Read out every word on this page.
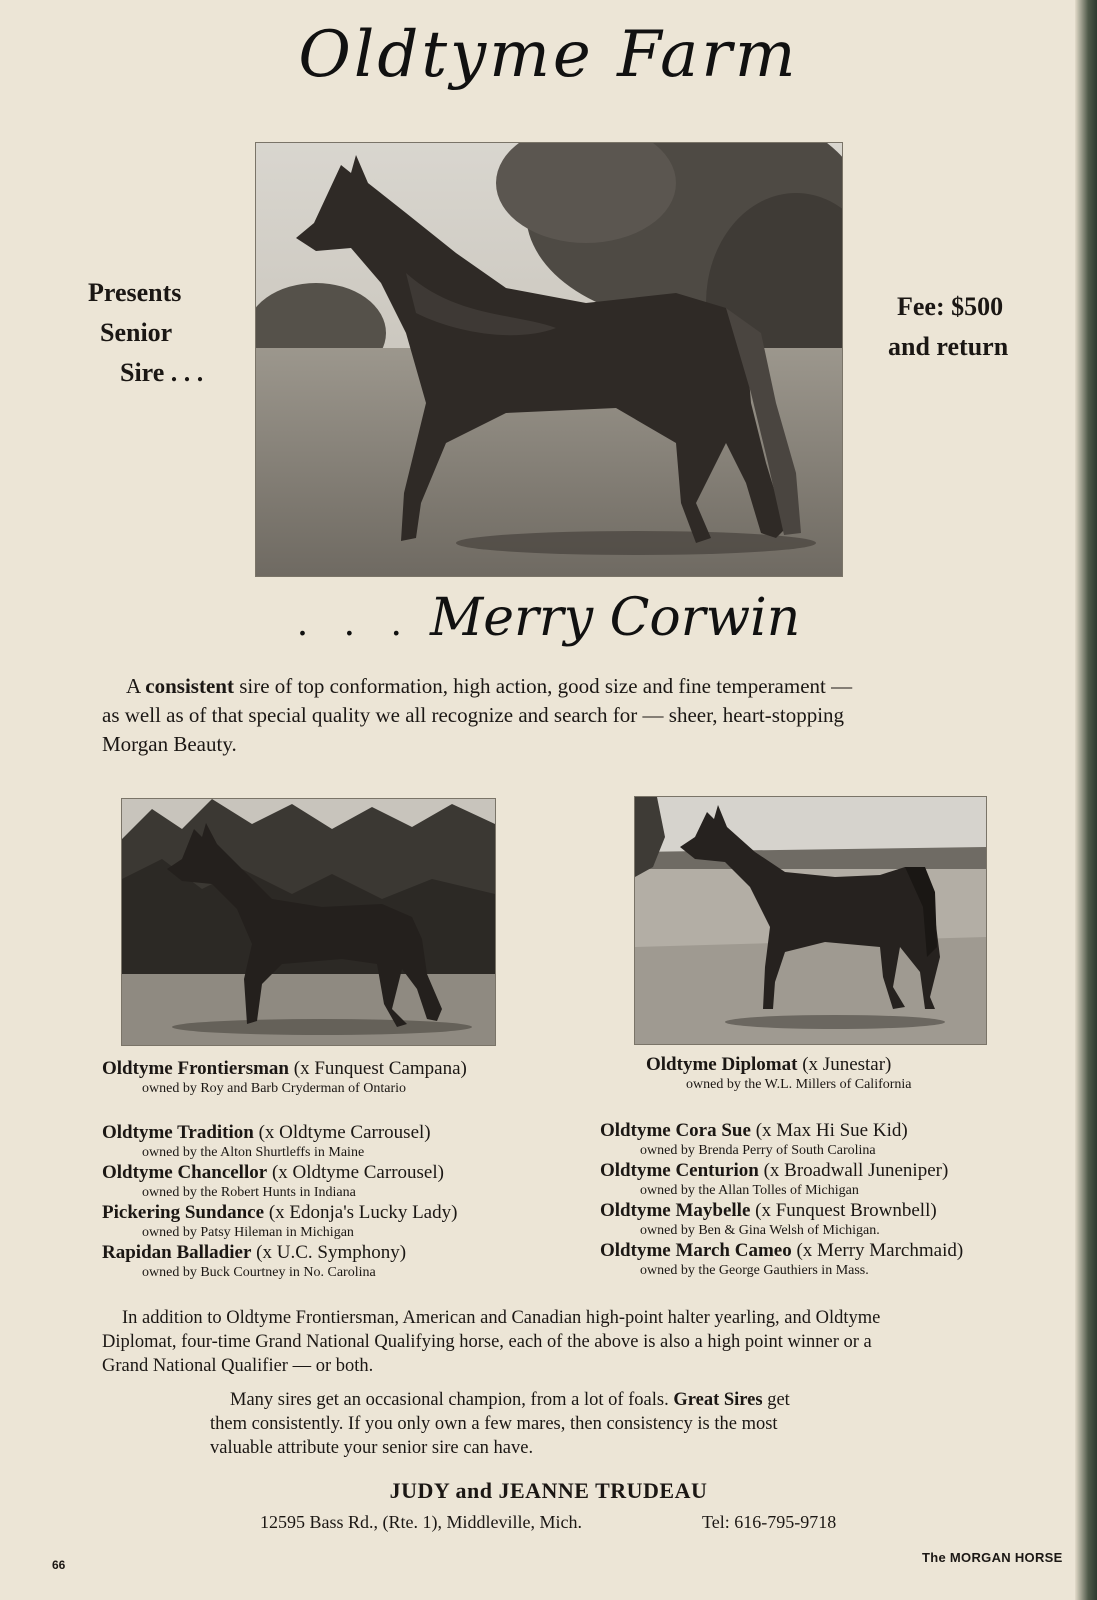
Oldtyme Farm
Presents
Senior
Sire . . .
Fee: $500
and return
. . . Merry Corwin
A consistent sire of top conformation, high action, good size and fine temperament —
as well as of that special quality we all recognize and search for — sheer, heart-stopping
Morgan Beauty.
Oldtyme Frontiersman (x Funquest Campana)
owned by Roy and Barb Cryderman of Ontario
Oldtyme Diplomat (x Junestar)
owned by the W.L. Millers of California
Oldtyme Tradition (x Oldtyme Carrousel)
owned by the Alton Shurtleffs in Maine
Oldtyme Chancellor (x Oldtyme Carrousel)
owned by the Robert Hunts in Indiana
Pickering Sundance (x Edonja's Lucky Lady)
owned by Patsy Hileman in Michigan
Rapidan Balladier (x U.C. Symphony)
owned by Buck Courtney in No. Carolina
Oldtyme Cora Sue (x Max Hi Sue Kid)
owned by Brenda Perry of South Carolina
Oldtyme Centurion (x Broadwall Juneniper)
owned by the Allan Tolles of Michigan
Oldtyme Maybelle (x Funquest Brownbell)
owned by Ben & Gina Welsh of Michigan.
Oldtyme March Cameo (x Merry Marchmaid)
owned by the George Gauthiers in Mass.
In addition to Oldtyme Frontiersman, American and Canadian high-point halter yearling, and Oldtyme
Diplomat, four-time Grand National Qualifying horse, each of the above is also a high point winner or a
Grand National Qualifier — or both.
Many sires get an occasional champion, from a lot of foals. Great Sires get
them consistently. If you only own a few mares, then consistency is the most
valuable attribute your senior sire can have.
JUDY and JEANNE TRUDEAU
12595 Bass Rd., (Rte. 1), Middleville, Mich.	Tel: 616-795-9718
66	The MORGAN HORSE
